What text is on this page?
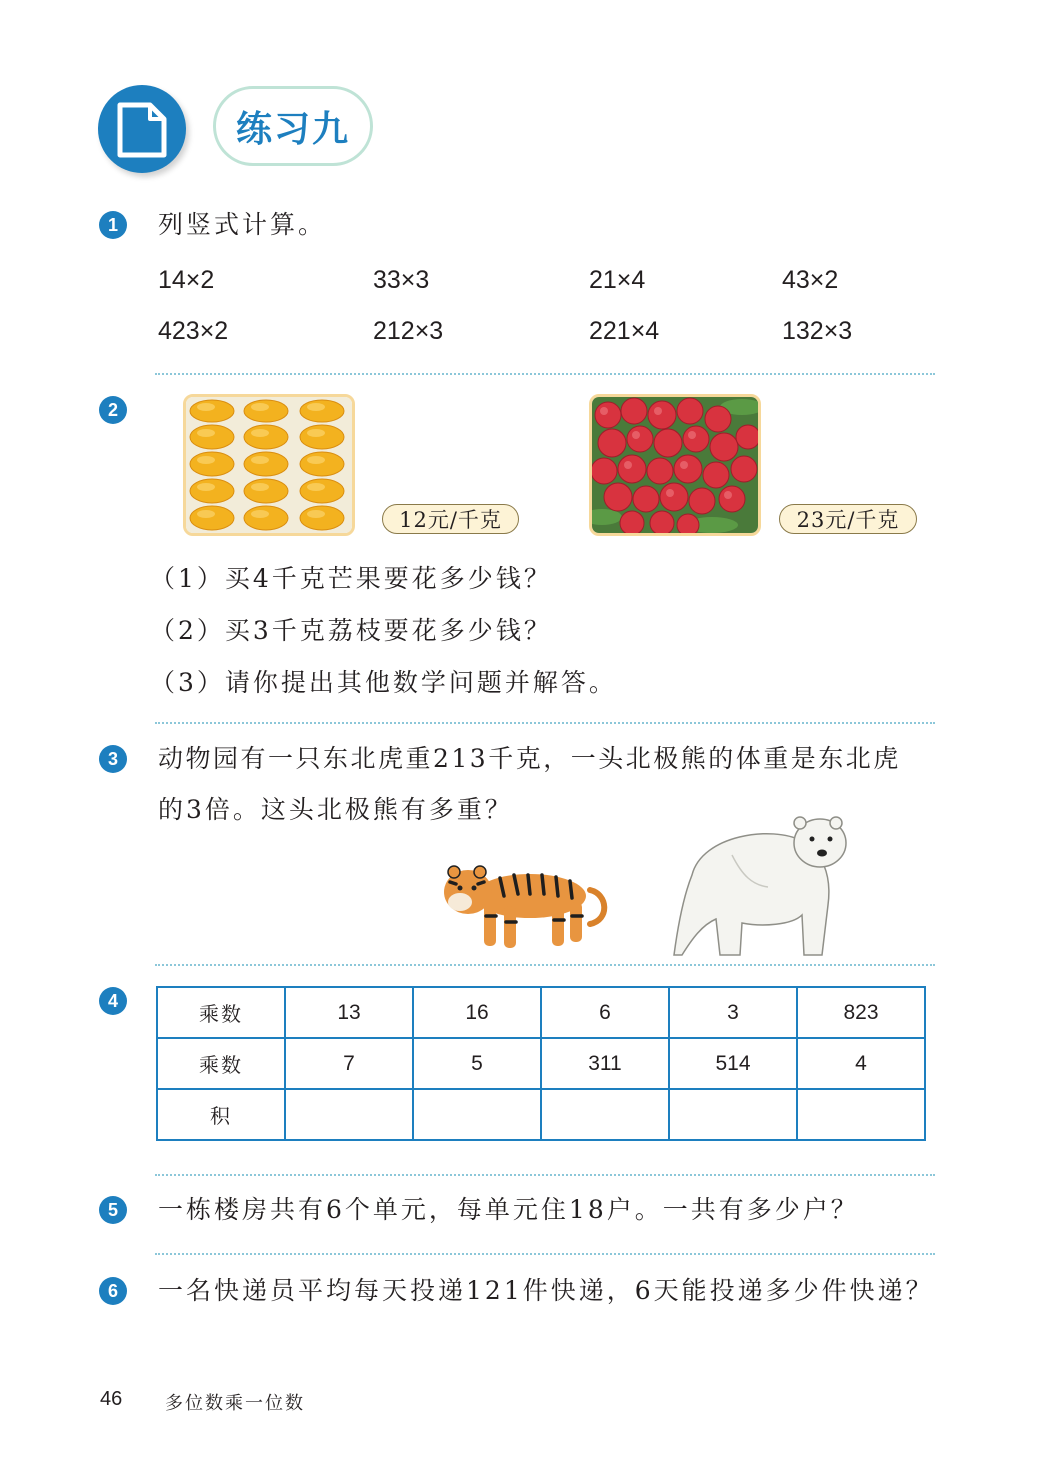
练习九
1	列竖式计算。
14×2	33×3	21×4	43×2
423×2	212×3	221×4	132×3
2
12元/千克	23元/千克
（1）买4千克芒果要花多少钱？
（2）买3千克荔枝要花多少钱？
（3）请你提出其他数学问题并解答。
3	动物园有一只东北虎重213千克，一头北极熊的体重是东北虎
的3倍。这头北极熊有多重？
4
乘数	13	16	6	3	823
乘数	7	5	311	514	4
积					
5	一栋楼房共有6个单元，每单元住18户。一共有多少户？
6	一名快递员平均每天投递121件快递，6天能投递多少件快递？
46 多位数乘一位数
